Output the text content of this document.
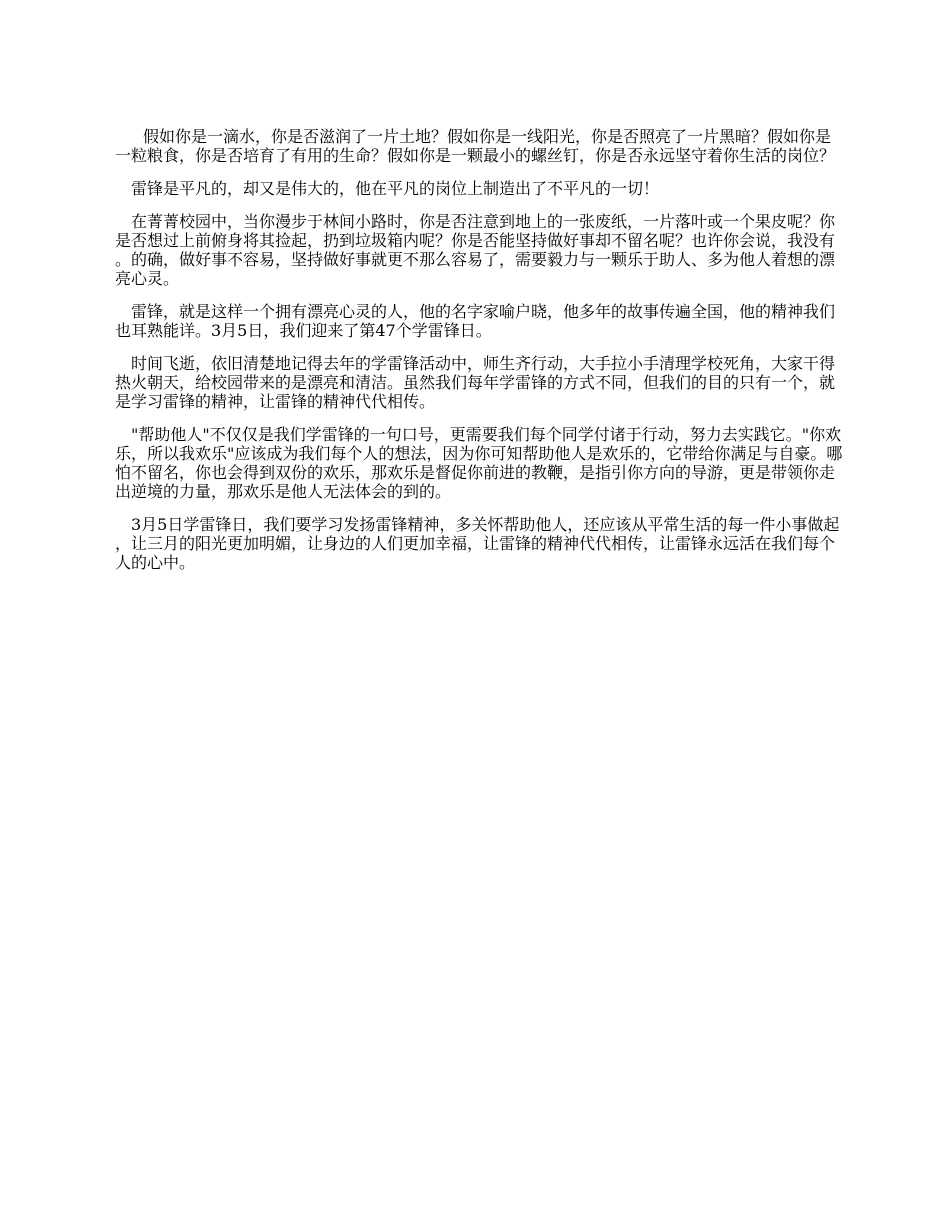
假如你是一滴水，你是否滋润了一片土地？假如你是一线阳光，你是否照亮了一片黑暗？假如你是一粒粮食，你是否培育了有用的生命？假如你是一颗最小的螺丝钉，你是否永远坚守着你生活的岗位？

雷锋是平凡的，却又是伟大的，他在平凡的岗位上制造出了不平凡的一切！

在菁菁校园中，当你漫步于林间小路时，你是否注意到地上的一张废纸，一片落叶或一个果皮呢？你是否想过上前俯身将其捡起，扔到垃圾箱内呢？你是否能坚持做好事却不留名呢？也许你会说，我没有。的确，做好事不容易，坚持做好事就更不那么容易了，需要毅力与一颗乐于助人、多为他人着想的漂亮心灵。

雷锋，就是这样一个拥有漂亮心灵的人，他的名字家喻户晓，他多年的故事传遍全国，他的精神我们也耳熟能详。3月5日，我们迎来了第47个学雷锋日。

时间飞逝，依旧清楚地记得去年的学雷锋活动中，师生齐行动，大手拉小手清理学校死角，大家干得热火朝天，给校园带来的是漂亮和清洁。虽然我们每年学雷锋的方式不同，但我们的目的只有一个，就是学习雷锋的精神，让雷锋的精神代代相传。

"帮助他人"不仅仅是我们学雷锋的一句口号，更需要我们每个同学付诸于行动，努力去实践它。"你欢乐，所以我欢乐"应该成为我们每个人的想法，因为你可知帮助他人是欢乐的，它带给你满足与自豪。哪怕不留名，你也会得到双份的欢乐，那欢乐是督促你前进的教鞭，是指引你方向的导游，更是带领你走出逆境的力量，那欢乐是他人无法体会的到的。

3月5日学雷锋日，我们要学习发扬雷锋精神，多关怀帮助他人，还应该从平常生活的每一件小事做起，让三月的阳光更加明媚，让身边的人们更加幸福，让雷锋的精神代代相传，让雷锋永远活在我们每个人的心中。
